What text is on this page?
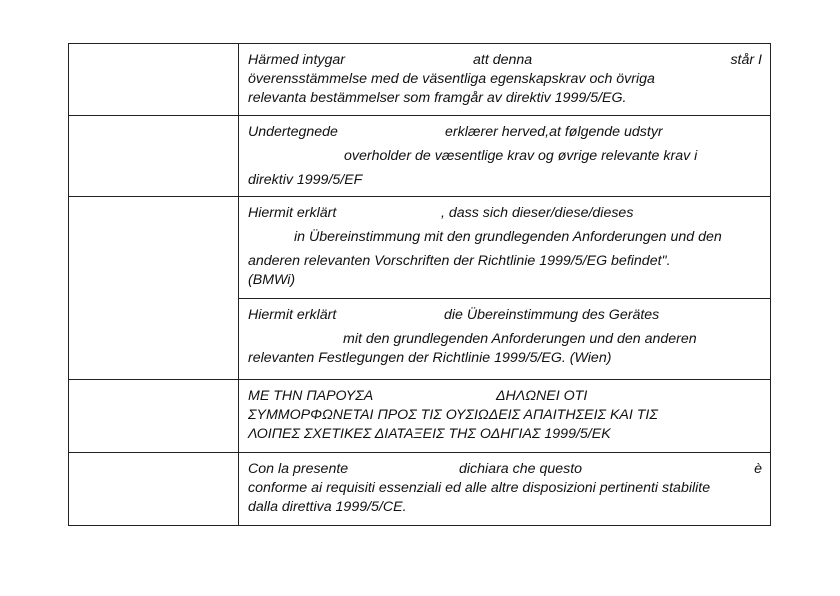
	Härmed intygar att denna står I
överensstämmelse med de väsentliga egenskapskrav och övriga
relevanta bestämmelser som framgår av direktiv 1999/5/EG.

	Undertegnede erklærer herved,at følgende udstyr
overholder de væsentlige krav og øvrige relevante krav i
direktiv 1999/5/EF

	Hiermit erklärt , dass sich dieser/diese/dieses
in Übereinstimmung mit den grundlegenden Anforderungen und den
anderen relevanten Vorschriften der Richtlinie 1999/5/EG befindet".
(BMWi)

	Hiermit erklärt die Übereinstimmung des Gerätes
mit den grundlegenden Anforderungen und den anderen
relevanten Festlegungen der Richtlinie 1999/5/EG. (Wien)

	ΜΕ ΤΗΝ ΠΑΡΟΥΣΑ ΔΗΛΩΝΕΙ ΟΤΙ
ΣΥΜΜΟΡΦΩΝΕΤΑΙ ΠΡΟΣ ΤΙΣ ΟΥΣΙΩΔΕΙΣ ΑΠΑΙΤΗΣΕΙΣ ΚΑΙ ΤΙΣ
ΛΟΙΠΕΣ ΣΧΕΤΙΚΕΣ ΔΙΑΤΑΞΕΙΣ ΤΗΣ ΟΔΗΓΙΑΣ 1999/5/ΕΚ

	Con la presente dichiara che questo è
conforme ai requisiti essenziali ed alle altre disposizioni pertinenti stabilite
dalla direttiva 1999/5/CE.
